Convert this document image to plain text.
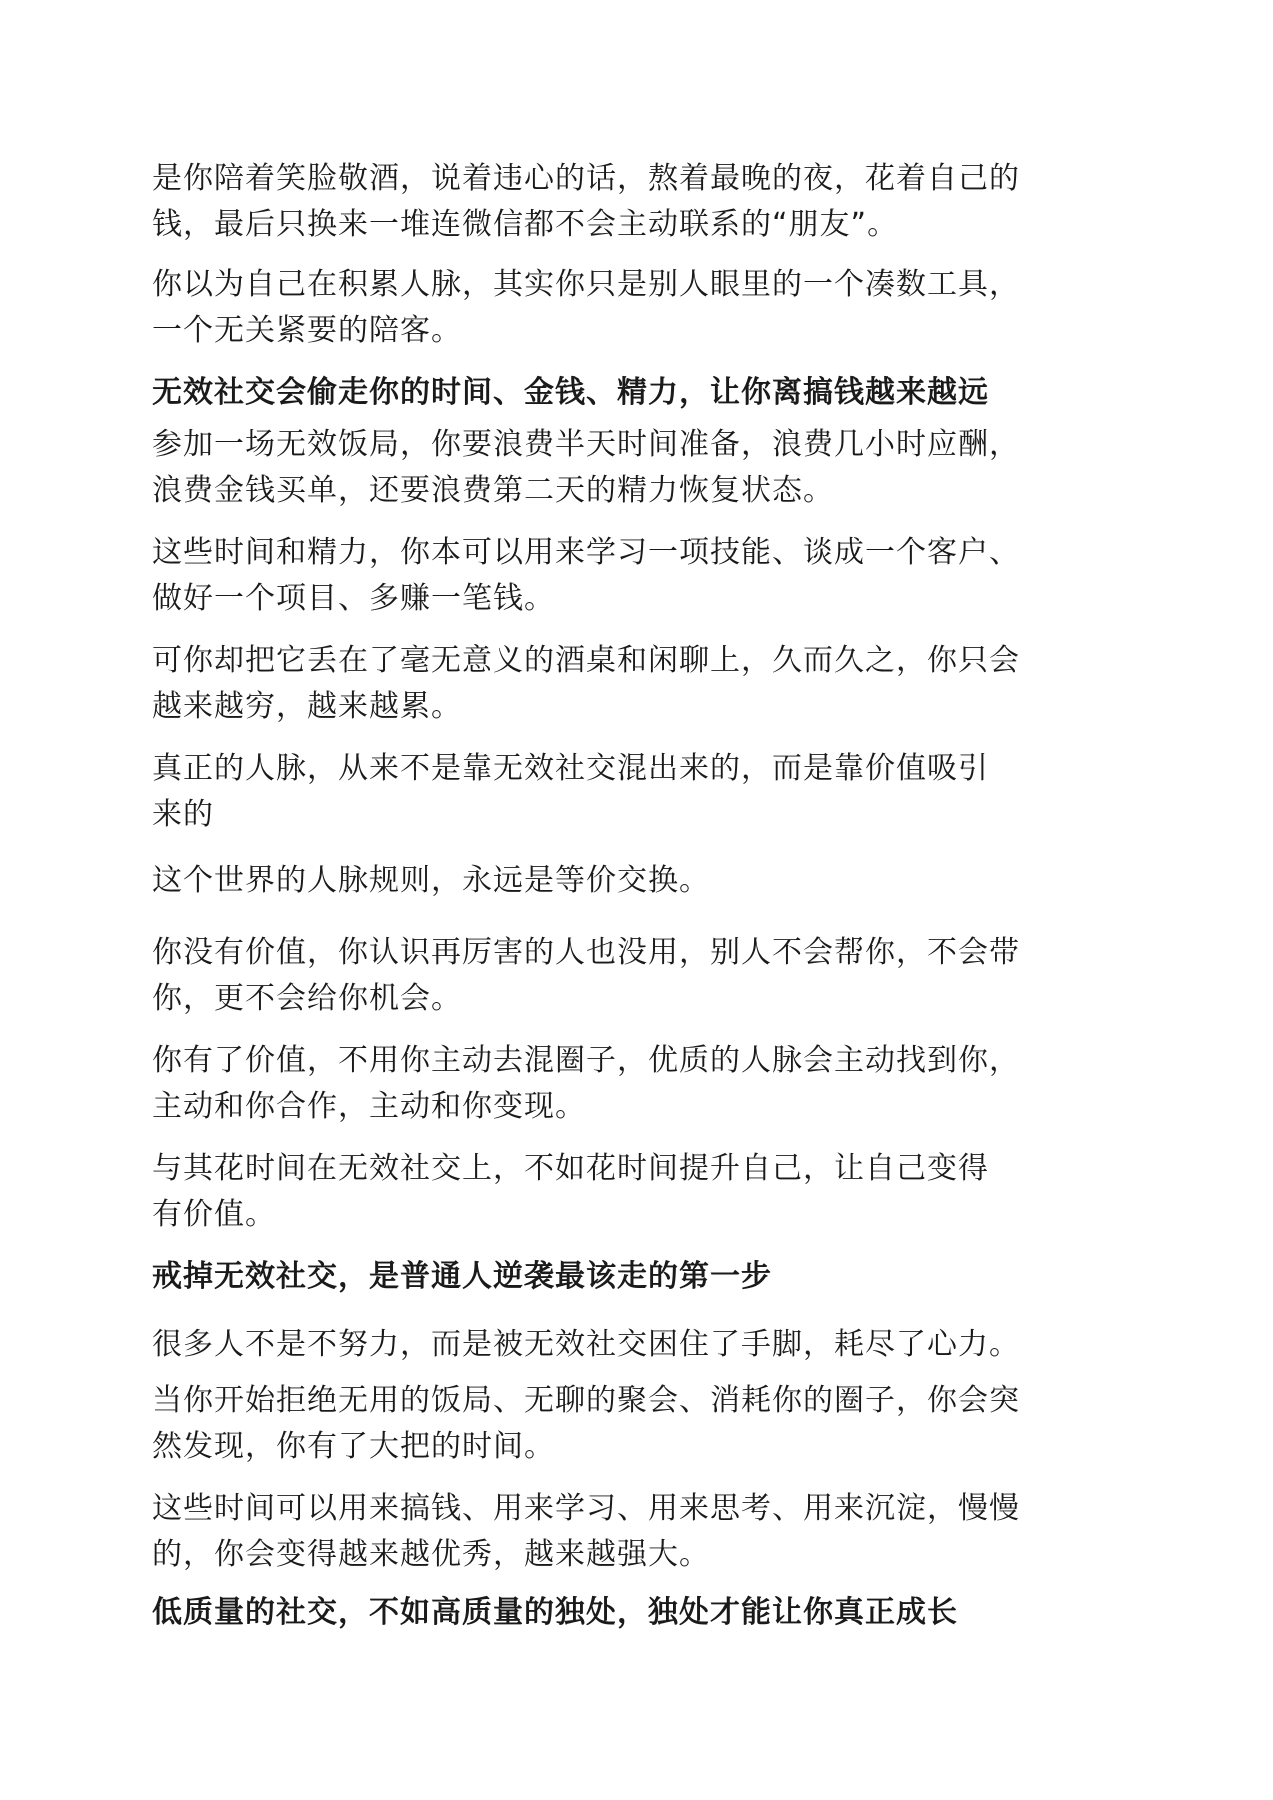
是你陪着笑脸敬酒，说着违心的话，熬着最晚的夜，花着自己的
钱，最后只换来一堆连微信都不会主动联系的“朋友”。

你以为自己在积累人脉，其实你只是别人眼里的一个凑数工具，
一个无关紧要的陪客。

无效社交会偷走你的时间、金钱、精力，让你离搞钱越来越远

参加一场无效饭局，你要浪费半天时间准备，浪费几小时应酬，
浪费金钱买单，还要浪费第二天的精力恢复状态。

这些时间和精力，你本可以用来学习一项技能、谈成一个客户、
做好一个项目、多赚一笔钱。

可你却把它丢在了毫无意义的酒桌和闲聊上，久而久之，你只会
越来越穷，越来越累。

真正的人脉，从来不是靠无效社交混出来的，而是靠价值吸引
来的

这个世界的人脉规则，永远是等价交换。

你没有价值，你认识再厉害的人也没用，别人不会帮你，不会带
你，更不会给你机会。

你有了价值，不用你主动去混圈子，优质的人脉会主动找到你，
主动和你合作，主动和你变现。

与其花时间在无效社交上，不如花时间提升自己，让自己变得
有价值。

戒掉无效社交，是普通人逆袭最该走的第一步

很多人不是不努力，而是被无效社交困住了手脚，耗尽了心力。

当你开始拒绝无用的饭局、无聊的聚会、消耗你的圈子，你会突
然发现，你有了大把的时间。

这些时间可以用来搞钱、用来学习、用来思考、用来沉淀，慢慢
的，你会变得越来越优秀，越来越强大。

低质量的社交，不如高质量的独处，独处才能让你真正成长
